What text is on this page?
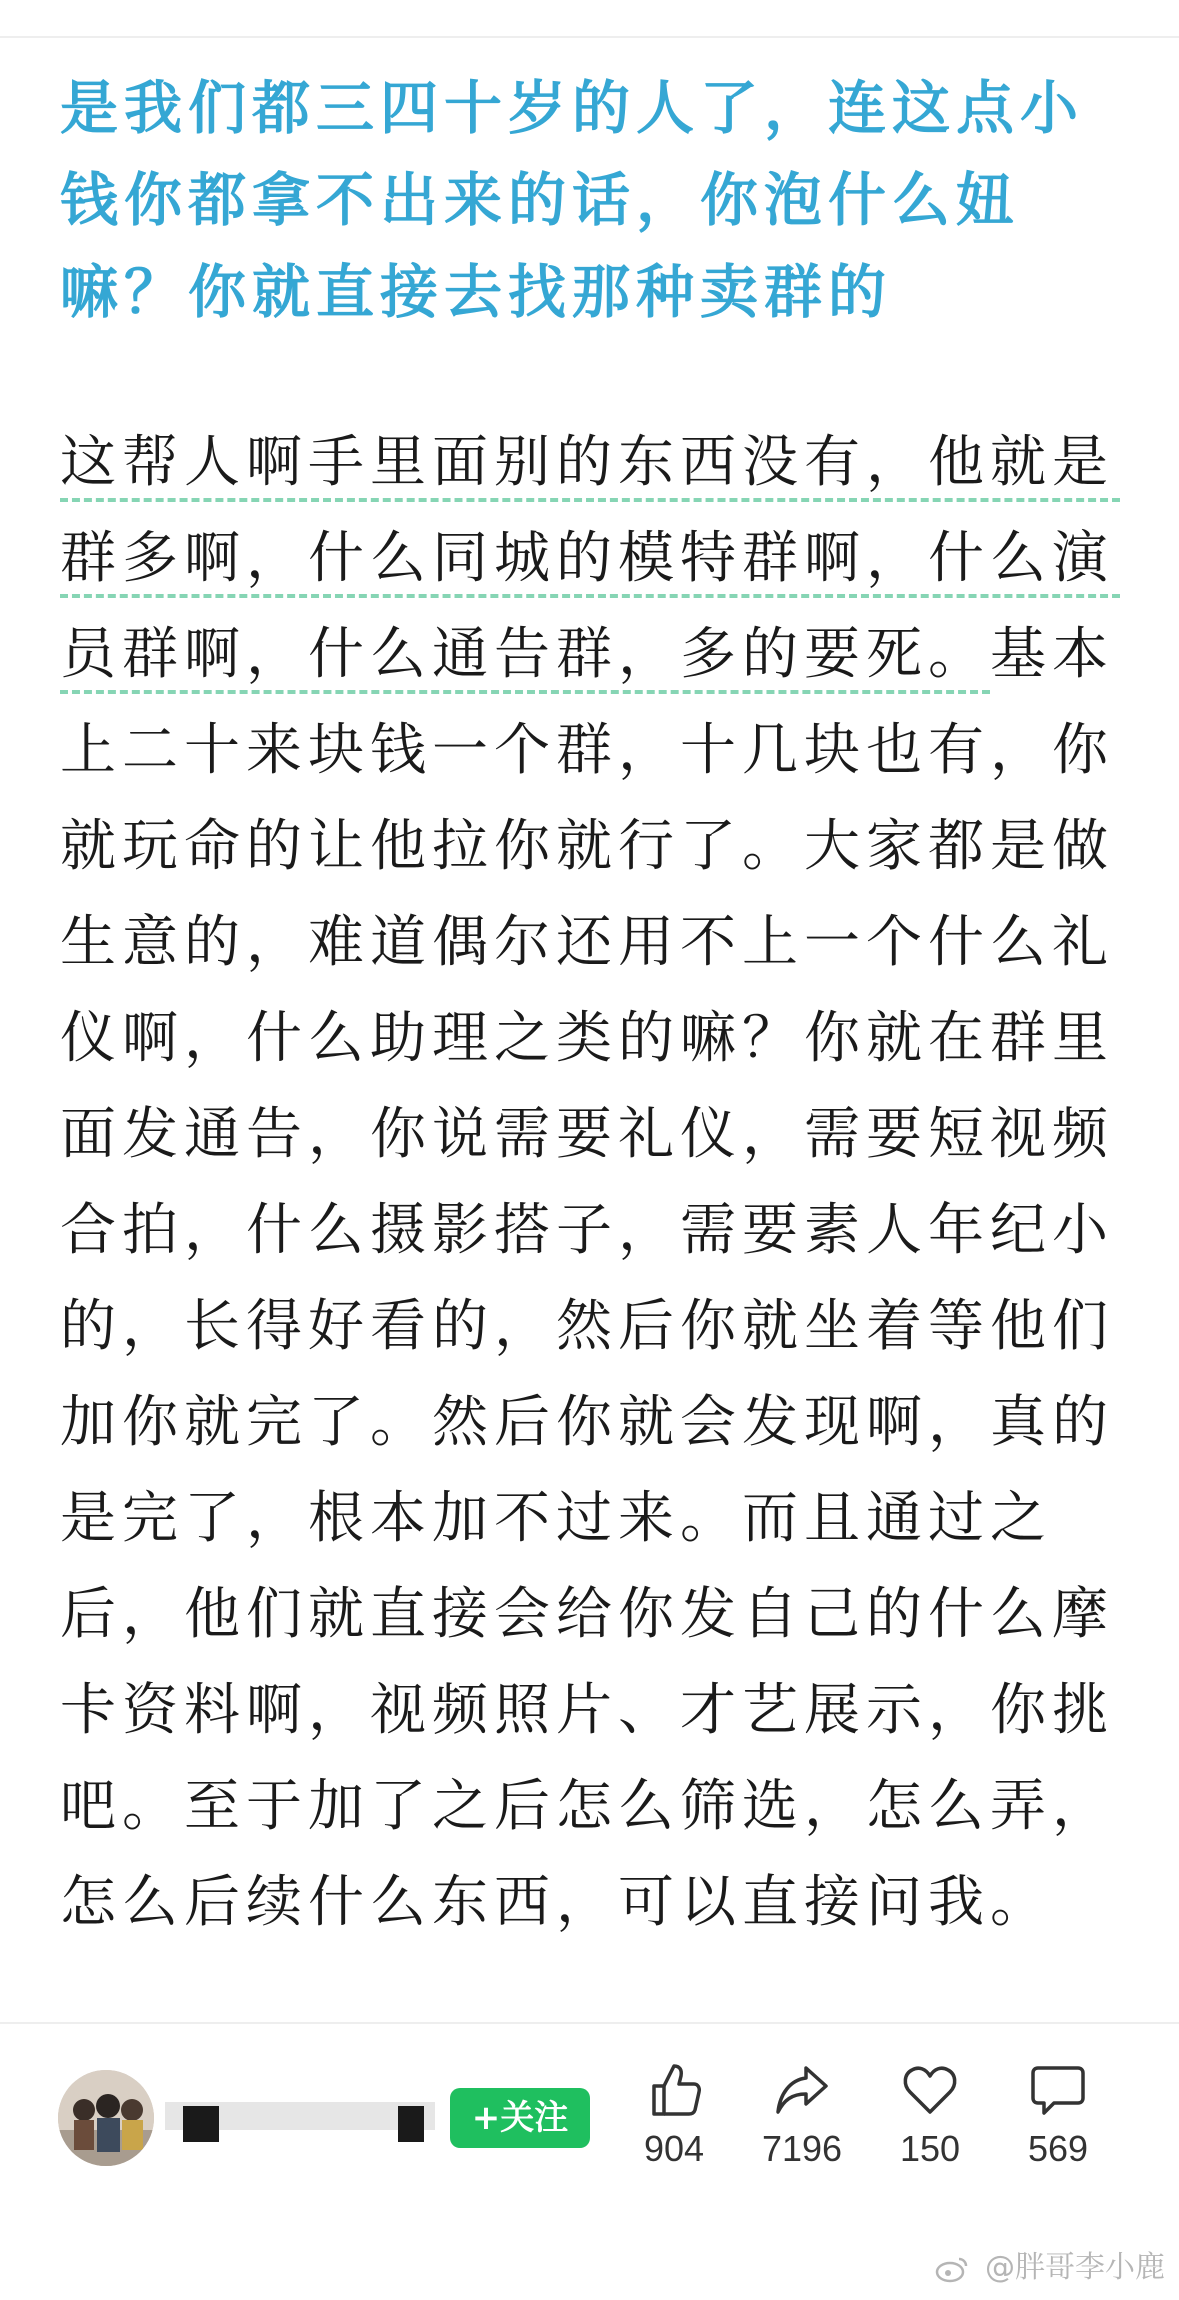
是我们都三四十岁的人了，连这点小钱你都拿不出来的话，你泡什么妞嘛？你就直接去找那种卖群的
这帮人啊手里面别的东西没有，他就是群多啊，什么同城的模特群啊，什么演员群啊，什么通告群，多的要死。基本上二十来块钱一个群，十几块也有，你就玩命的让他拉你就行了。大家都是做生意的，难道偶尔还用不上一个什么礼仪啊，什么助理之类的嘛？你就在群里面发通告，你说需要礼仪，需要短视频合拍，什么摄影搭子，需要素人年纪小的，长得好看的，然后你就坐着等他们加你就完了。然后你就会发现啊，真的是完了，根本加不过来。而且通过之后，他们就直接会给你发自己的什么摩卡资料啊，视频照片、才艺展示，你挑吧。至于加了之后怎么筛选，怎么弄，怎么后续什么东西，可以直接问我。
+关注
904	7196	150	569
@胖哥李小鹿
